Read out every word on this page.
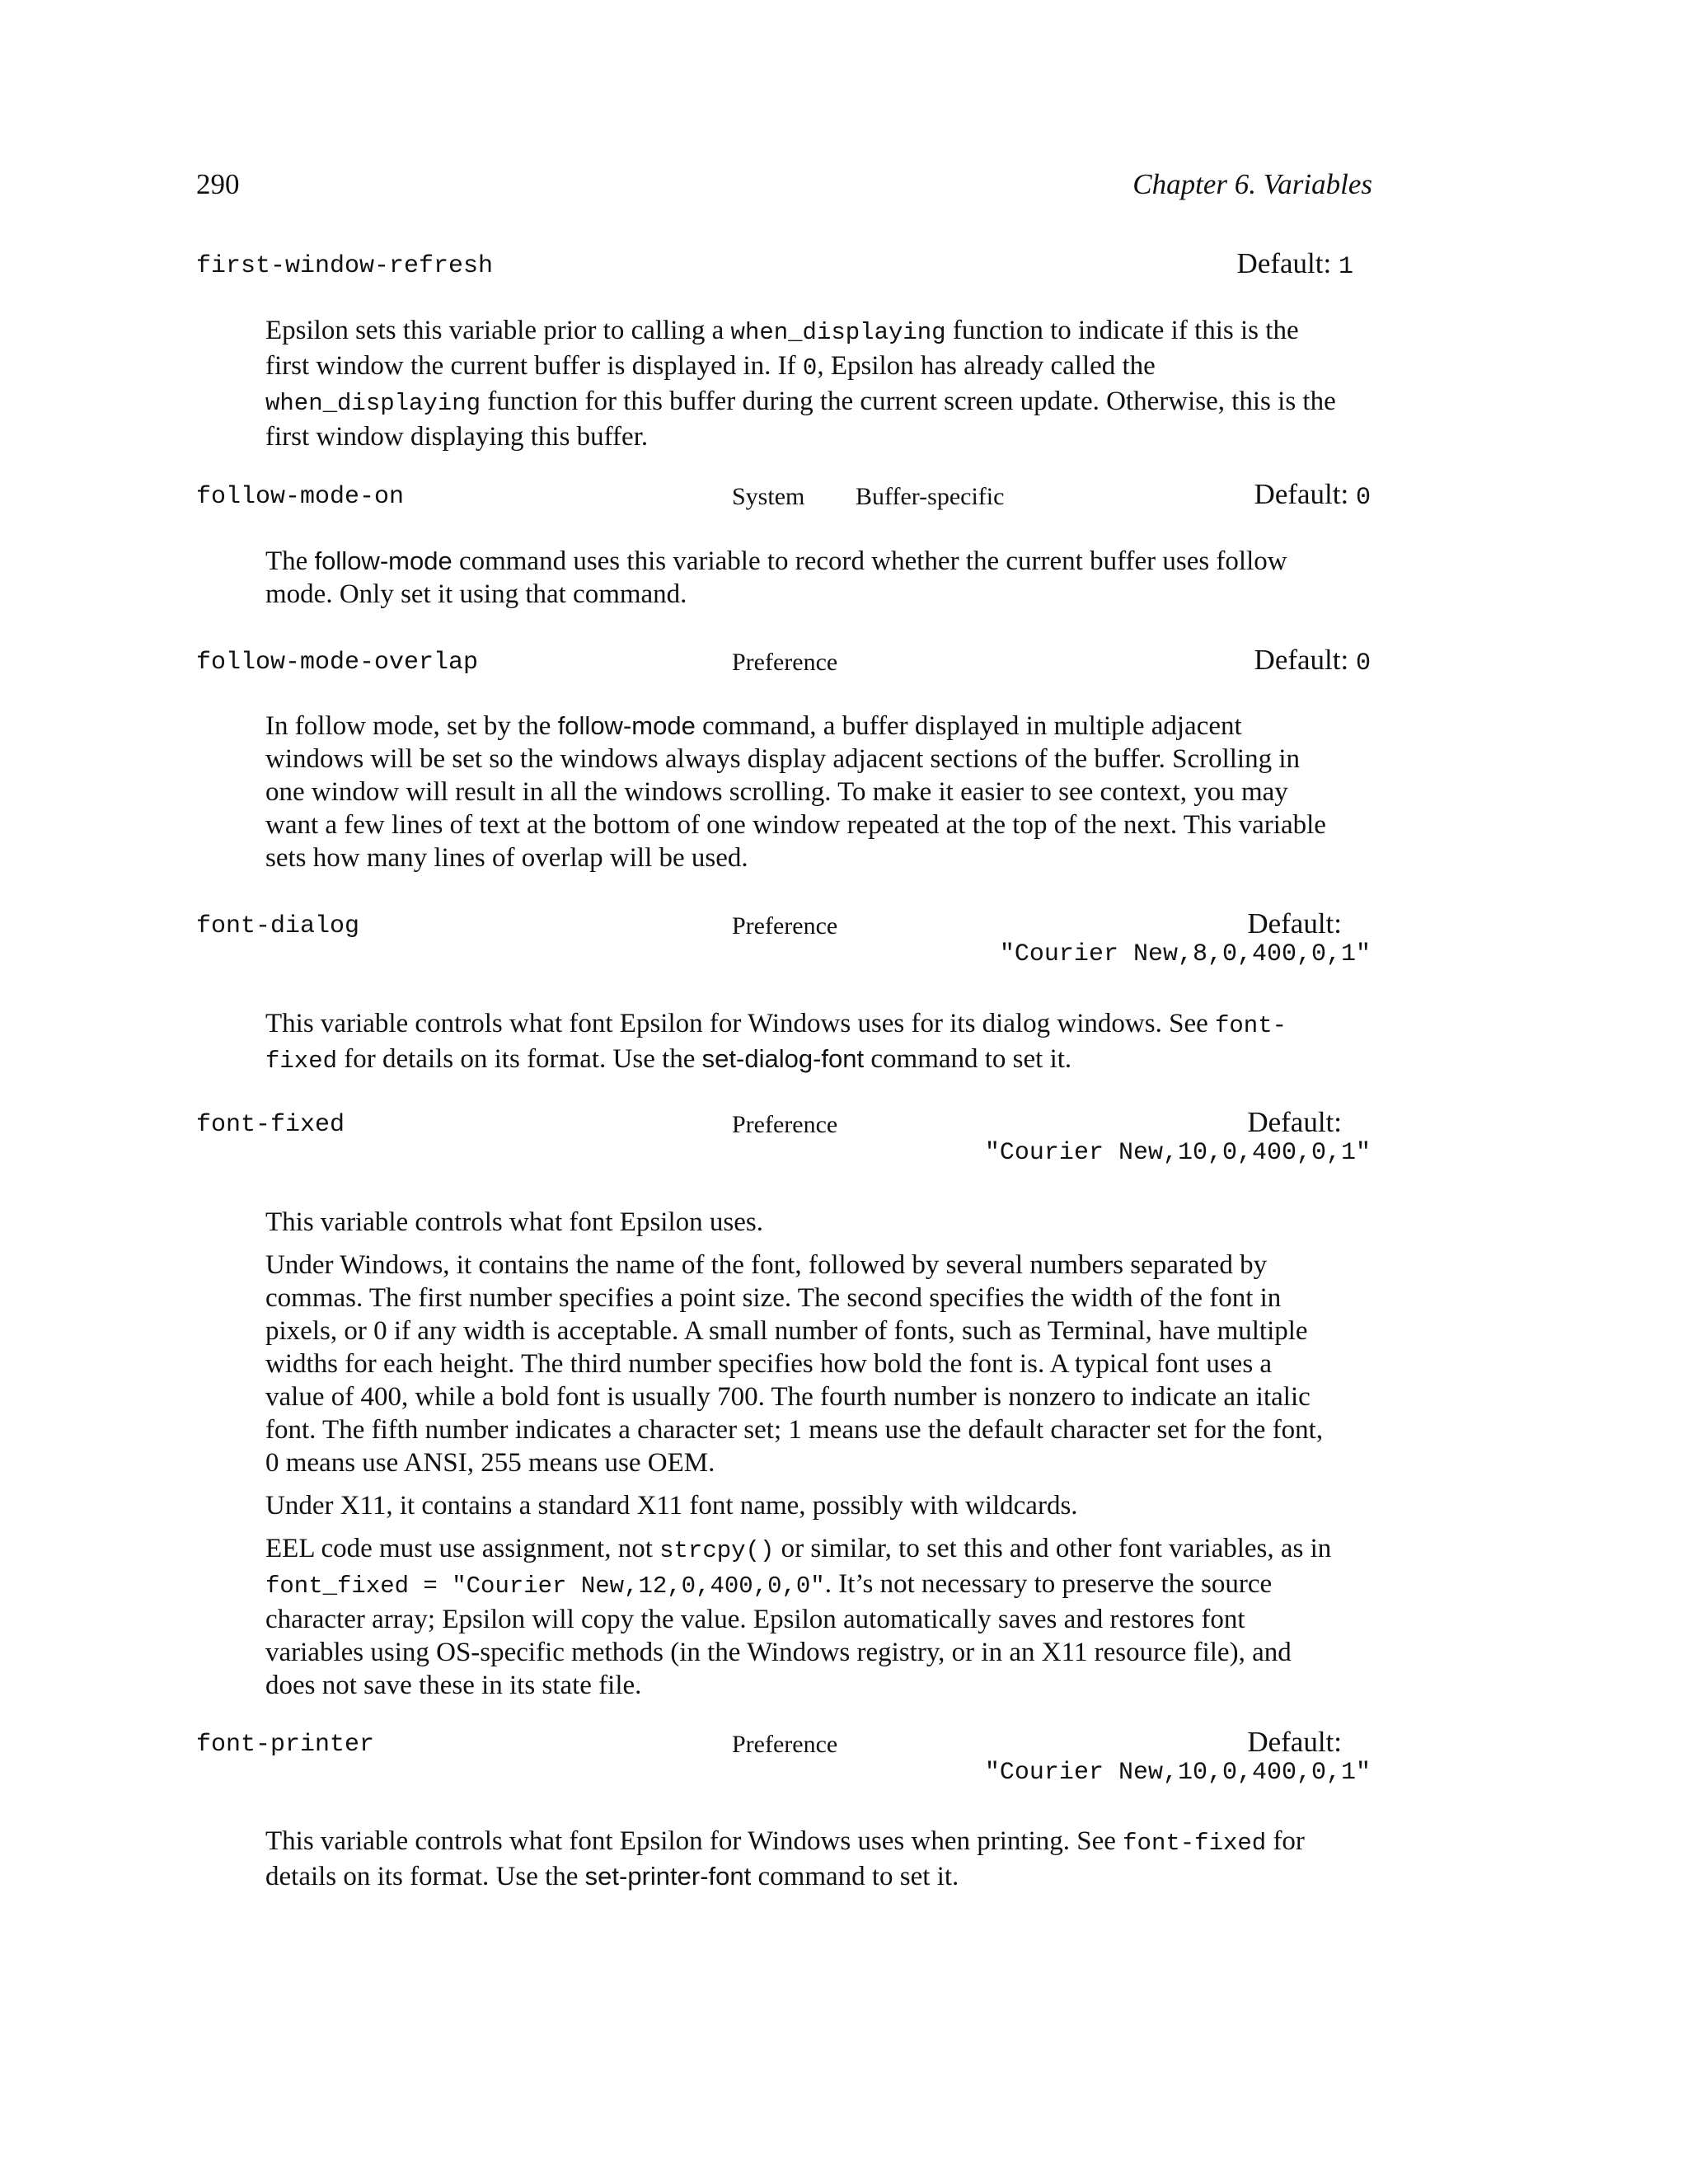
290	Chapter 6. Variables
first-window-refresh	Default: 1

Epsilon sets this variable prior to calling a when_displaying function to indicate if this is the first window the current buffer is displayed in. If 0, Epsilon has already called the when_displaying function for this buffer during the current screen update. Otherwise, this is the first window displaying this buffer.

follow-mode-on	System Buffer-specific	Default: 0

The follow-mode command uses this variable to record whether the current buffer uses follow mode. Only set it using that command.

follow-mode-overlap	Preference	Default: 0

In follow mode, set by the follow-mode command, a buffer displayed in multiple adjacent windows will be set so the windows always display adjacent sections of the buffer. Scrolling in one window will result in all the windows scrolling. To make it easier to see context, you may want a few lines of text at the bottom of one window repeated at the top of the next. This variable sets how many lines of overlap will be used.

font-dialog	Preference	Default:
"Courier New,8,0,400,0,1"

This variable controls what font Epsilon for Windows uses for its dialog windows. See font-fixed for details on its format. Use the set-dialog-font command to set it.

font-fixed	Preference	Default:
"Courier New,10,0,400,0,1"

This variable controls what font Epsilon uses.

Under Windows, it contains the name of the font, followed by several numbers separated by commas. The first number specifies a point size. The second specifies the width of the font in pixels, or 0 if any width is acceptable. A small number of fonts, such as Terminal, have multiple widths for each height. The third number specifies how bold the font is. A typical font uses a value of 400, while a bold font is usually 700. The fourth number is nonzero to indicate an italic font. The fifth number indicates a character set; 1 means use the default character set for the font, 0 means use ANSI, 255 means use OEM.

Under X11, it contains a standard X11 font name, possibly with wildcards.

EEL code must use assignment, not strcpy() or similar, to set this and other font variables, as in font_fixed = "Courier New,12,0,400,0,0". It’s not necessary to preserve the source character array; Epsilon will copy the value. Epsilon automatically saves and restores font variables using OS-specific methods (in the Windows registry, or in an X11 resource file), and does not save these in its state file.

font-printer	Preference	Default:
"Courier New,10,0,400,0,1"

This variable controls what font Epsilon for Windows uses when printing. See font-fixed for details on its format. Use the set-printer-font command to set it.
